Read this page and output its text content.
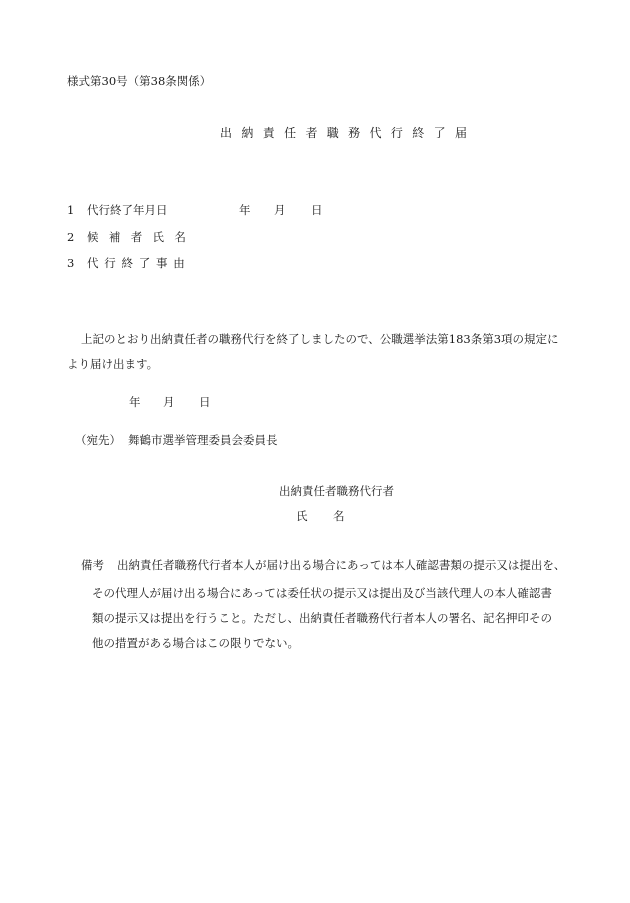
様式第30号（第38条関係）
出納責任者職務代行終了届
1 代行終了年月日	年 月 日
2 候補者氏名
3 代行終了事由
上記のとおり出納責任者の職務代行を終了しましたので、公職選挙法第183条第3項の規定に
より届け出ます。
年 月 日
（宛先） 舞鶴市選挙管理委員会委員長
出納責任者職務代行者
氏 名
備考 出納責任者職務代行者本人が届け出る場合にあっては本人確認書類の提示又は提出を、
その代理人が届け出る場合にあっては委任状の提示又は提出及び当該代理人の本人確認書
類の提示又は提出を行うこと。ただし、出納責任者職務代行者本人の署名、記名押印その
他の措置がある場合はこの限りでない。
